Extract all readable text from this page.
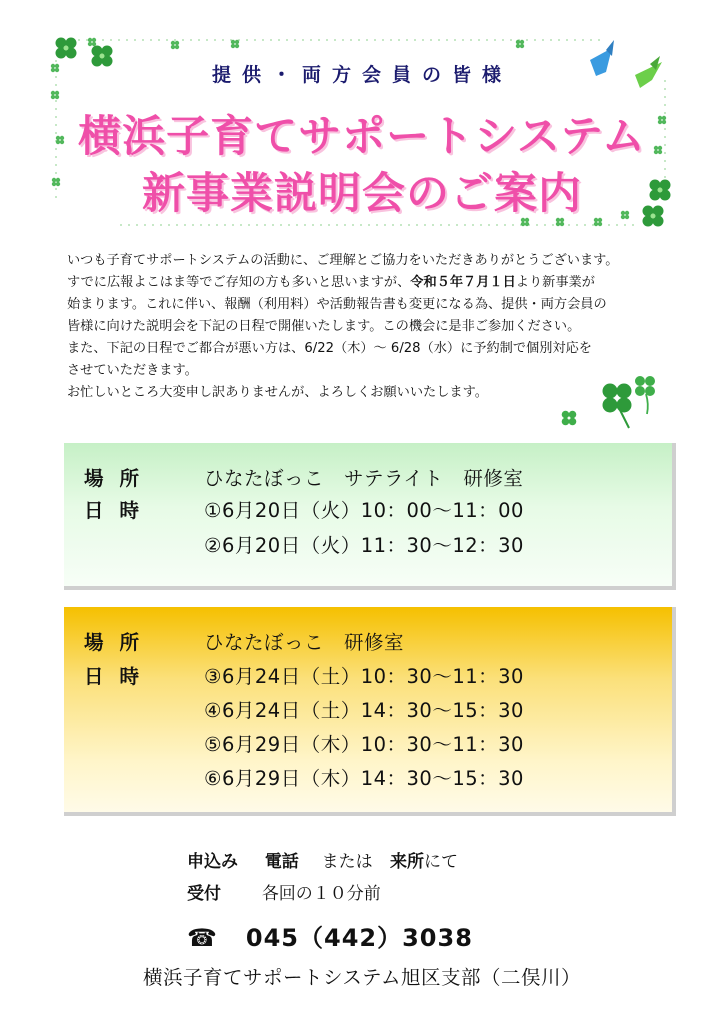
提供・両方会員の皆様
横浜子育てサポートシステム
新事業説明会のご案内

いつも子育てサポートシステムの活動に、ご理解とご協力をいただきありがとうございます。

すでに広報よこはま等でご存知の方も多いと思いますが、令和５年７月１日より新事業が

始まります。これに伴い、報酬（利用料）や活動報告書も変更になる為、提供・両方会員の

皆様に向けた説明会を下記の日程で開催いたします。この機会に是非ご参加ください。

また、下記の日程でご都合が悪い方は、6/22（木）～ 6/28（水）に予約制で個別対応を

させていただきます。

お忙しいところ大変申し訳ありませんが、よろしくお願いいたします。

場所	ひなたぼっこ　サテライト　研修室
日時	①6月20日（火）10：00～11：00
②6月20日（火）11：30～12：30
場所	ひなたぼっこ　研修室
日時	③6月24日（土）10：30～11：30
④6月24日（土）14：30～15：30
⑤6月29日（木）10：30～11：30
⑥6月29日（木）14：30～15：30
申込み 電話 または 来所にて
受付 各回の１０分前
☎ 045（442）3038
横浜子育てサポートシステム旭区支部（二俣川）
